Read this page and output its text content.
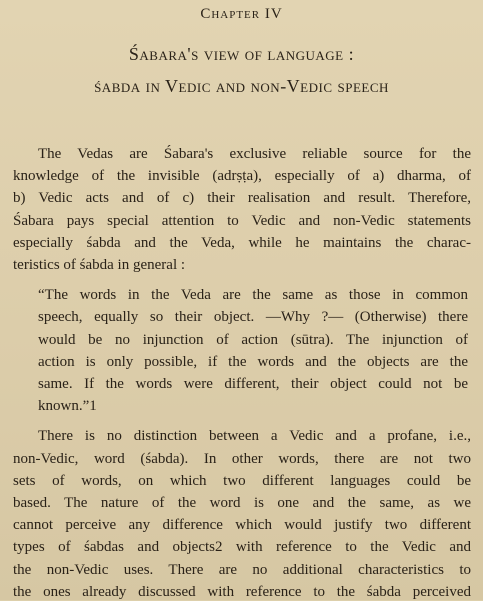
Chapter IV
Śabara's view of language :
śabda in Vedic and non-Vedic speech
The Vedas are Śabara's exclusive reliable source for the
knowledge of the invisible (adrṣṭa), especially of a) dharma, of
b) Vedic acts and of c) their realisation and result. Therefore,
Śabara pays special attention to Vedic and non-Vedic statements
especially śabda and the Veda, while he maintains the charac-
teristics of śabda in general :
“The words in the Veda are the same as those in common
speech, equally so their object. —Why ?— (Otherwise) there
would be no injunction of action (sūtra). The injunction of
action is only possible, if the words and the objects are the
same. If the words were different, their object could not be
known.”1
There is no distinction between a Vedic and a profane, i.e.,
non-Vedic, word (śabda). In other words, there are not two
sets of words, on which two different languages could be
based. The nature of the word is one and the same, as we
cannot perceive any difference which would justify two different
types of śabdas and objects2 with reference to the Vedic and
the non-Vedic uses. There are no additional characteristics to
the ones already discussed with reference to the śabda perceived
